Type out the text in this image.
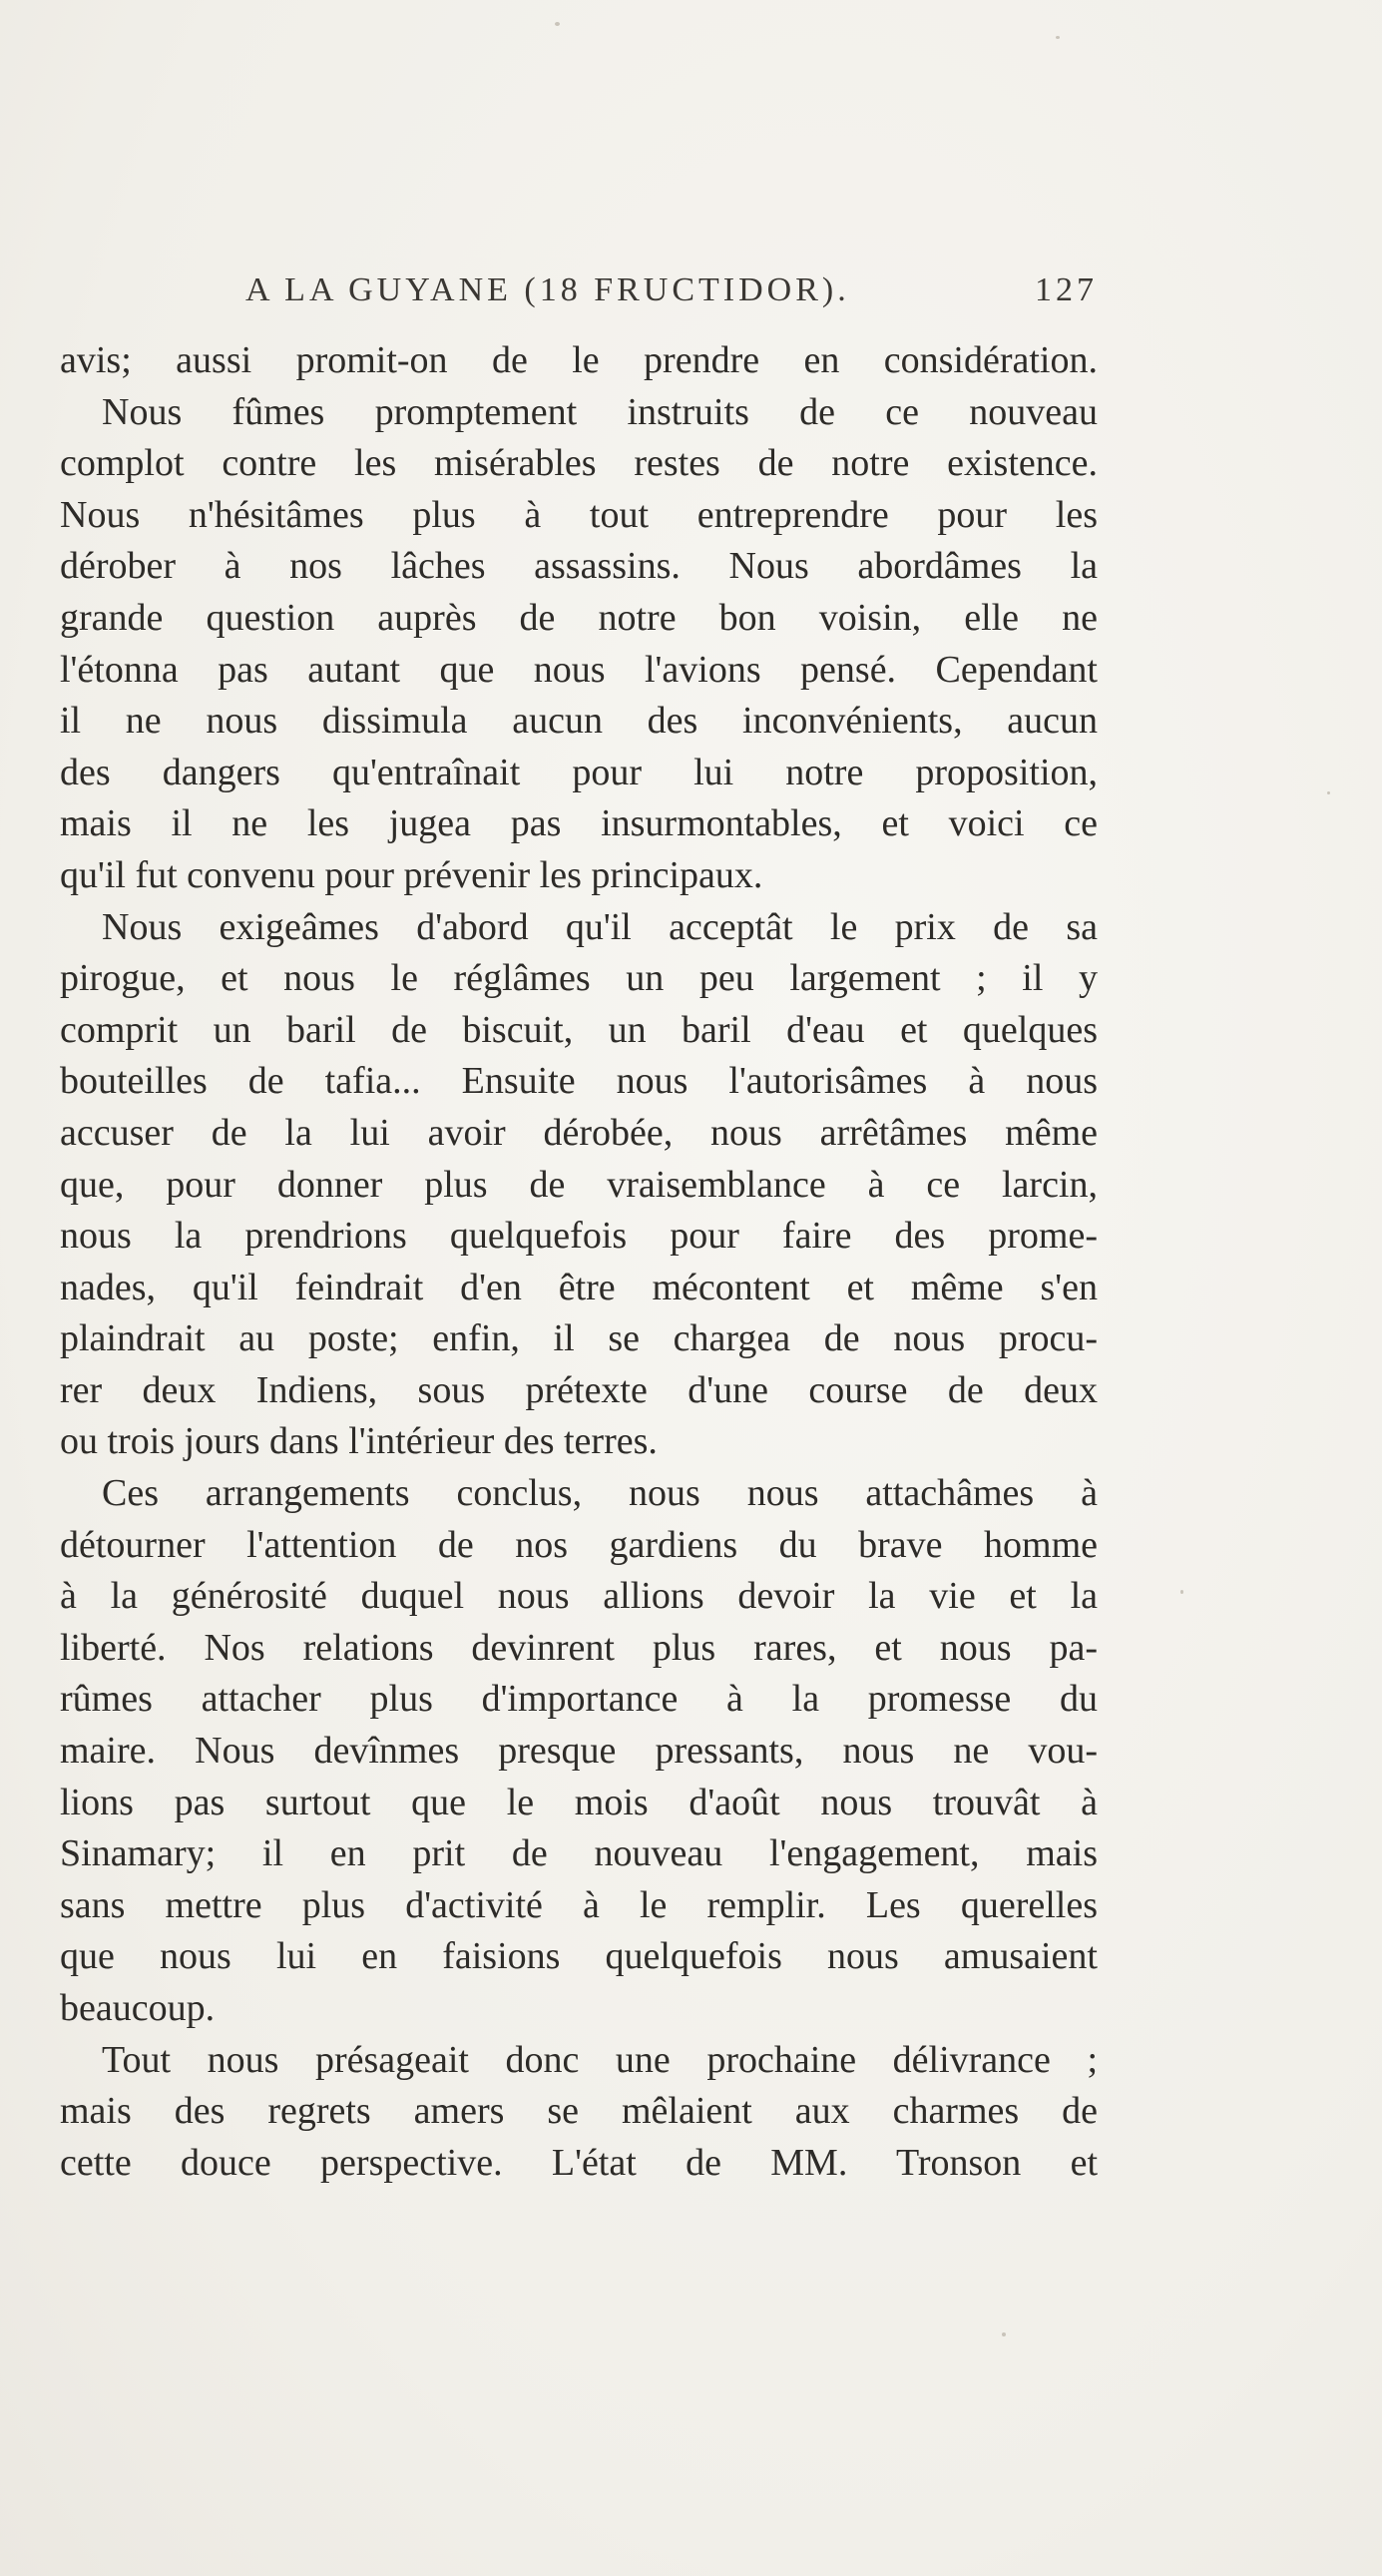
A LA GUYANE (18 FRUCTIDOR).	127
avis; aussi promit-on de le prendre en considération.
Nous fûmes promptement instruits de ce nouveau
complot contre les misérables restes de notre existence.
Nous n'hésitâmes plus à tout entreprendre pour les
dérober à nos lâches assassins. Nous abordâmes la
grande question auprès de notre bon voisin, elle ne
l'étonna pas autant que nous l'avions pensé. Cependant
il ne nous dissimula aucun des inconvénients, aucun
des dangers qu'entraînait pour lui notre proposition,
mais il ne les jugea pas insurmontables, et voici ce
qu'il fut convenu pour prévenir les principaux.
Nous exigeâmes d'abord qu'il acceptât le prix de sa
pirogue, et nous le réglâmes un peu largement ; il y
comprit un baril de biscuit, un baril d'eau et quelques
bouteilles de tafia... Ensuite nous l'autorisâmes à nous
accuser de la lui avoir dérobée, nous arrêtâmes même
que, pour donner plus de vraisemblance à ce larcin,
nous la prendrions quelquefois pour faire des prome-
nades, qu'il feindrait d'en être mécontent et même s'en
plaindrait au poste; enfin, il se chargea de nous procu-
rer deux Indiens, sous prétexte d'une course de deux
ou trois jours dans l'intérieur des terres.
Ces arrangements conclus, nous nous attachâmes à
détourner l'attention de nos gardiens du brave homme
à la générosité duquel nous allions devoir la vie et la
liberté. Nos relations devinrent plus rares, et nous pa-
rûmes attacher plus d'importance à la promesse du
maire. Nous devînmes presque pressants, nous ne vou-
lions pas surtout que le mois d'août nous trouvât à
Sinamary; il en prit de nouveau l'engagement, mais
sans mettre plus d'activité à le remplir. Les querelles
que nous lui en faisions quelquefois nous amusaient
beaucoup.
Tout nous présageait donc une prochaine délivrance ;
mais des regrets amers se mêlaient aux charmes de
cette douce perspective. L'état de MM. Tronson et
